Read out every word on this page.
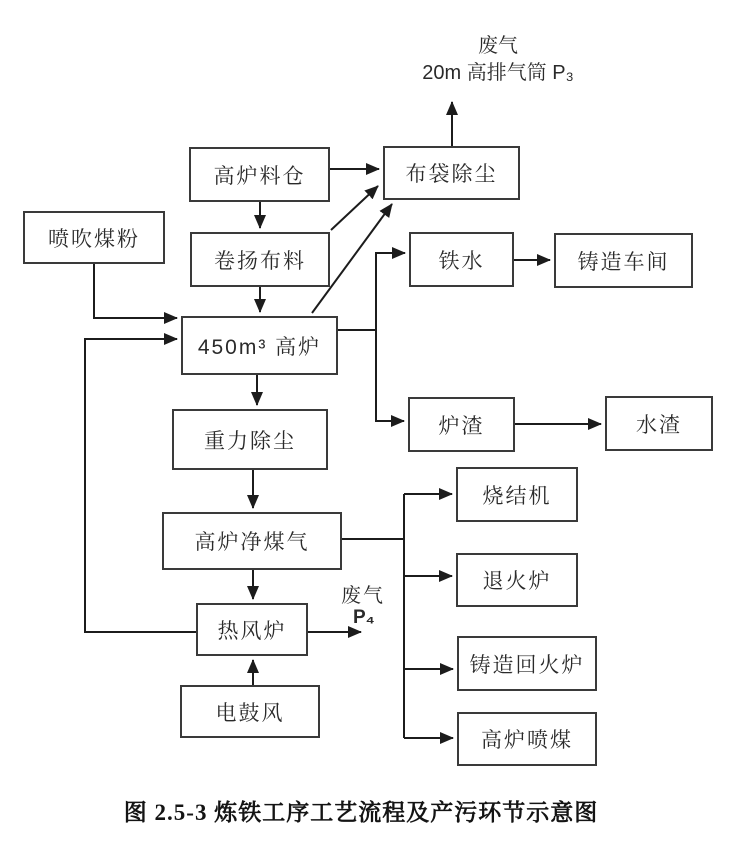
高炉料仓	布袋除尘
喷吹煤粉
卷扬布料	铁水	铸造车间
450m³ 高炉
炉渣	水渣
重力除尘
高炉净煤气
烧结机
退火炉
热风炉
铸造回火炉
电鼓风
高炉喷煤
废气
20m 高排气筒 P₃
废气
P₄
图 2.5-3 炼铁工序工艺流程及产污环节示意图
